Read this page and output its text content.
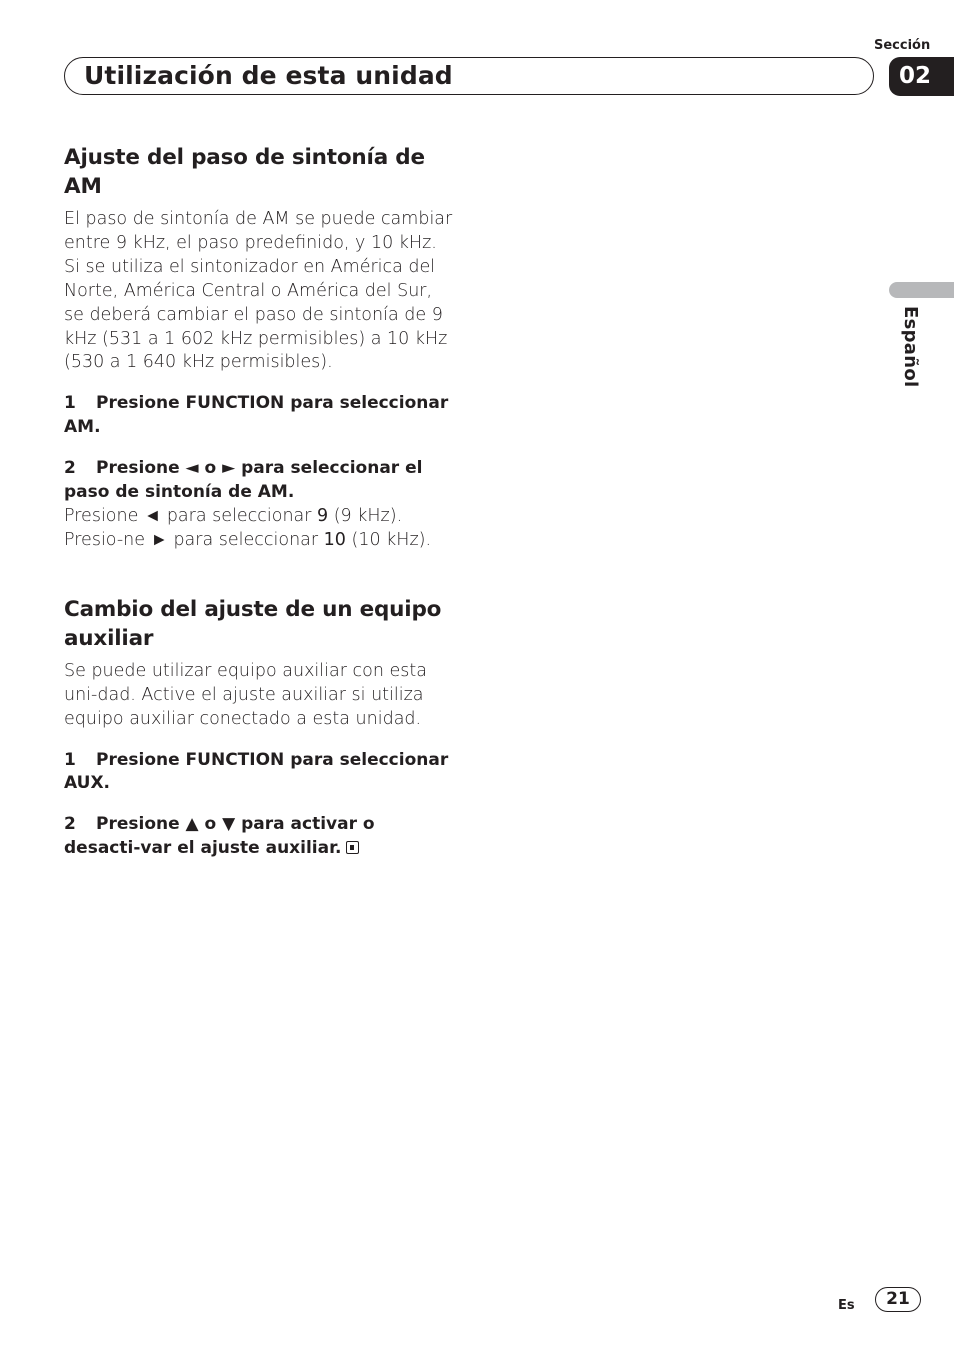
Sección
Utilización de esta unidad	02
Español
Ajuste del paso de sintonía de AM

El paso de sintonía de AM se puede cambiar entre 9 kHz, el paso predefinido, y 10 kHz. Si se utiliza el sintonizador en América del Norte, América Central o América del Sur, se deberá cambiar el paso de sintonía de 9 kHz (531 a 1 602 kHz permisibles) a 10 kHz (530 a 1 640 kHz permisibles).

1 Presione FUNCTION para seleccionar AM.
2 Presione ◄ o ► para seleccionar el paso de sintonía de AM.

Presione ◄ para seleccionar 9 (9 kHz). Presio-ne ► para seleccionar 10 (10 kHz).

Cambio del ajuste de un equipo auxiliar

Se puede utilizar equipo auxiliar con esta uni-dad. Active el ajuste auxiliar si utiliza equipo auxiliar conectado a esta unidad.

1 Presione FUNCTION para seleccionar AUX.
2 Presione ▲ o ▼ para activar o desacti-var el ajuste auxiliar.
Es	21
